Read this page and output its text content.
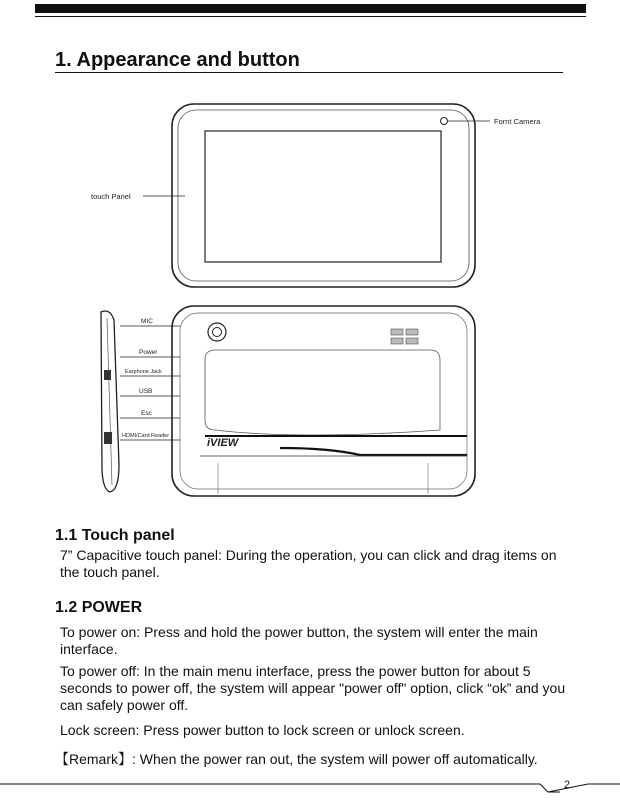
1. Appearance and button
Fornt Camera
touch Panel
MIC
Power
Earphone Jack
USB
Esc
HDMI/Card Reader
iVIEW
1.1 Touch panel

7” Capacitive touch panel: During the operation, you can click and drag items on the touch panel.

1.2 POWER

To power on: Press and hold the power button, the system will enter the main interface.

To power off: In the main menu interface, press the power button for about 5 seconds to power off, the system will appear "power off" option, click “ok” and you can safely power off.

Lock screen: Press power button to lock screen or unlock screen.

【Remark】: When the power ran out, the system will power off automatically.

2
